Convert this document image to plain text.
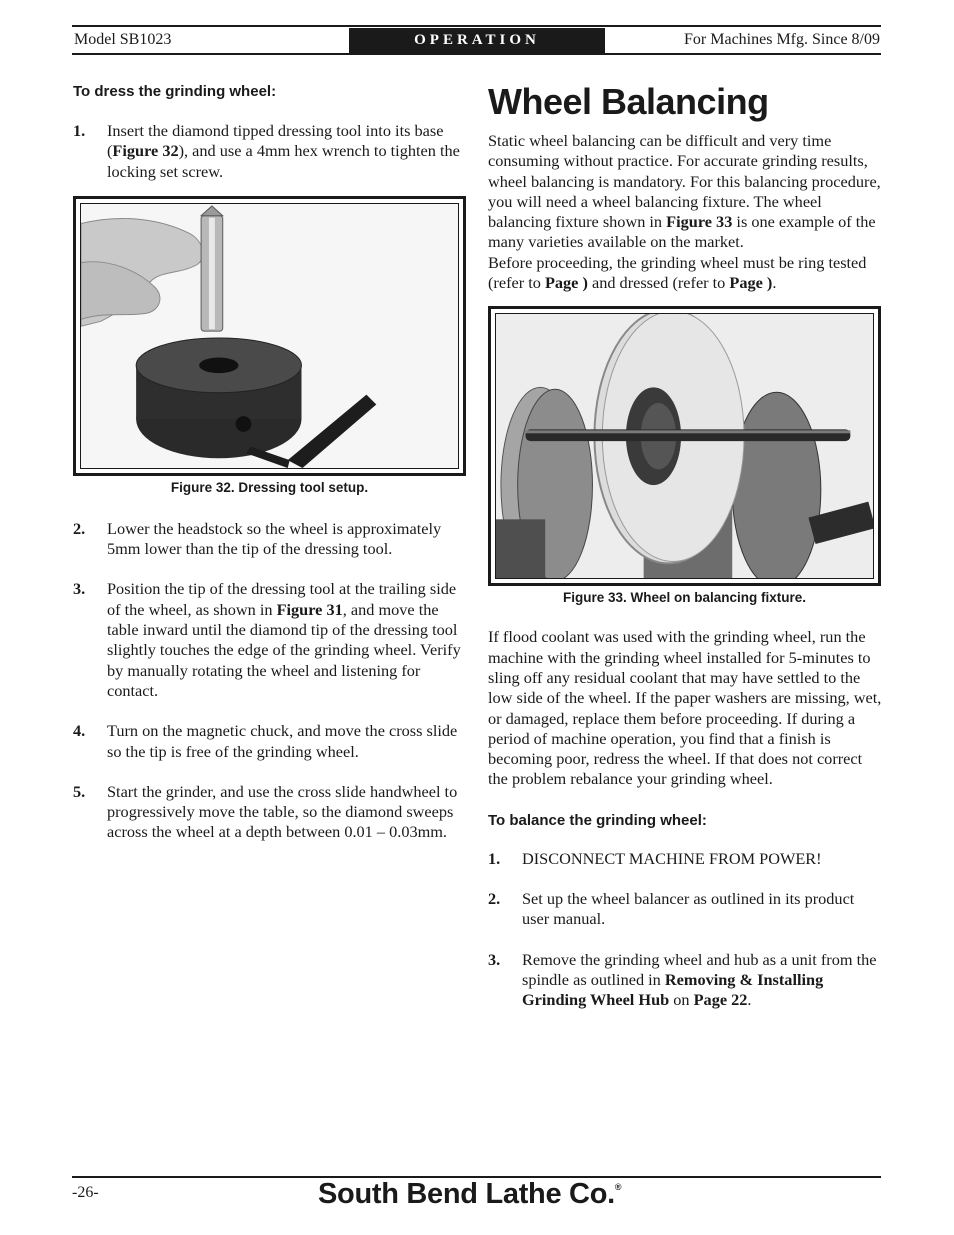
Model SB1023	OPERATION	For Machines Mfg. Since 8/09
To dress the grinding wheel:
1.	Insert the diamond tipped dressing tool into its base (Figure 32), and use a 4mm hex wrench to tighten the locking set screw.
Figure 32. Dressing tool setup.
2.	Lower the headstock so the wheel is approximately 5mm lower than the tip of the dressing tool.
3.	Position the tip of the dressing tool at the trailing side of the wheel, as shown in Figure 31, and move the table inward until the diamond tip of the dressing tool slightly touches the edge of the grinding wheel. Verify by manually rotating the wheel and listening for contact.
4.	Turn on the magnetic chuck, and move the cross slide so the tip is free of the grinding wheel.
5.	Start the grinder, and use the cross slide handwheel to progressively move the table, so the diamond sweeps across the wheel at a depth between 0.01 – 0.03mm.
Wheel Balancing
Static wheel balancing can be difficult and very time consuming without practice. For accurate grinding results, wheel balancing is mandatory. For this balancing procedure, you will need a wheel balancing fixture. The wheel balancing fixture shown in Figure 33 is one example of the many varieties available on the market.
Before proceeding, the grinding wheel must be ring tested (refer to Page ) and dressed (refer to Page ).
Figure 33. Wheel on balancing fixture.
If flood coolant was used with the grinding wheel, run the machine with the grinding wheel installed for 5-minutes to sling off any residual coolant that may have settled to the low side of the wheel. If the paper washers are missing, wet, or damaged, replace them before proceeding. If during a period of machine operation, you find that a finish is becoming poor, redress the wheel. If that does not correct the problem rebalance your grinding wheel.
To balance the grinding wheel:
1.	DISCONNECT MACHINE FROM POWER!
2.	Set up the wheel balancer as outlined in its product user manual.
3.	Remove the grinding wheel and hub as a unit from the spindle as outlined in Removing & Installing Grinding Wheel Hub on Page 22.
-26-	South Bend Lathe Co.®
